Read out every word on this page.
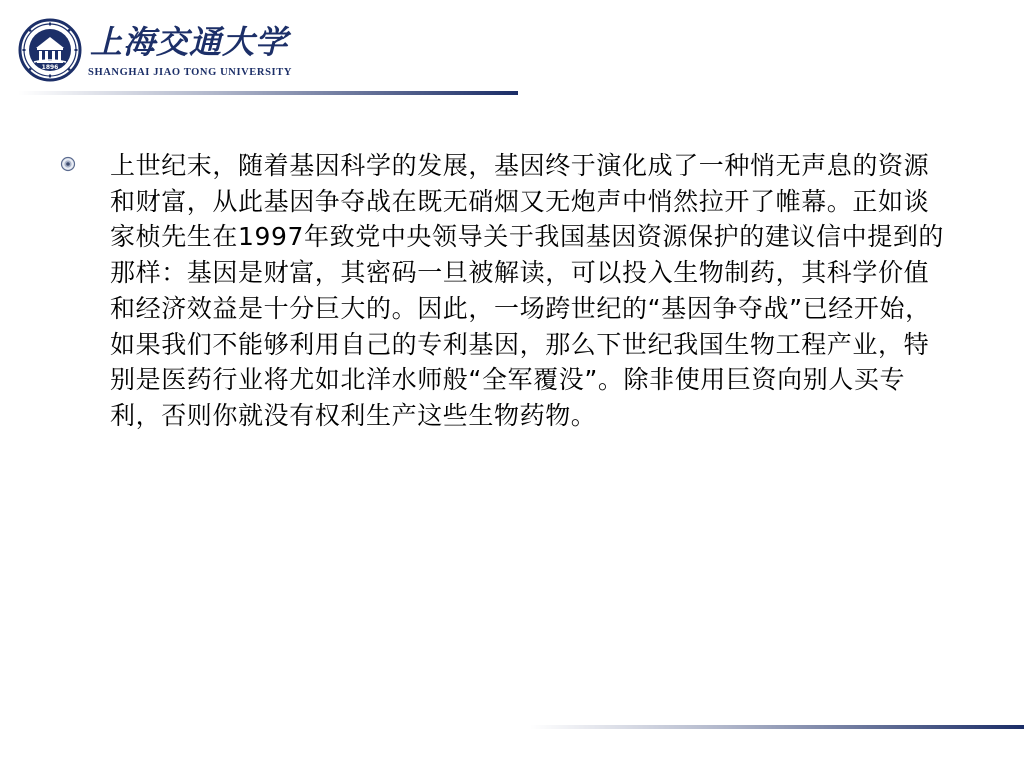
1896
上海交通大学
SHANGHAI JIAO TONG UNIVERSITY

上世纪末，随着基因科学的发展，基因终于演化成了一种悄无声息的资源和财富，从此基因争夺战在既无硝烟又无炮声中悄然拉开了帷幕。正如谈家桢先生在1997年致党中央领导关于我国基因资源保护的建议信中提到的那样：基因是财富，其密码一旦被解读，可以投入生物制药，其科学价值和经济效益是十分巨大的。因此，一场跨世纪的“基因争夺战”已经开始，如果我们不能够利用自己的专利基因，那么下世纪我国生物工程产业，特别是医药行业将尤如北洋水师般“全军覆没”。除非使用巨资向别人买专利，否则你就没有权利生产这些生物药物。
